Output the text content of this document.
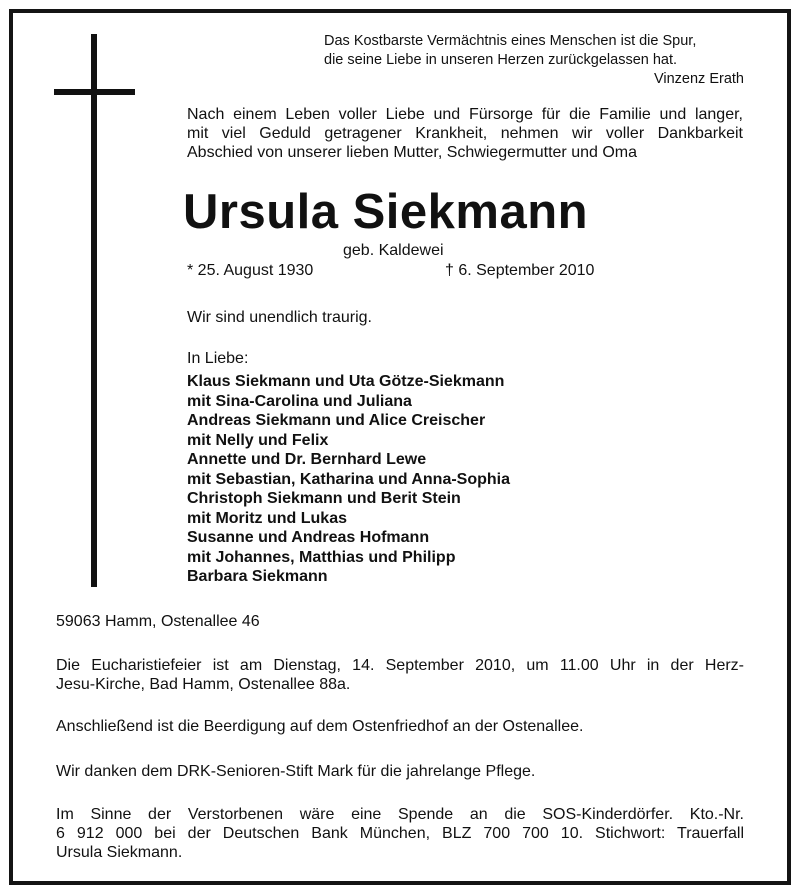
Das Kostbarste Vermächtnis eines Menschen ist die Spur,
die seine Liebe in unseren Herzen zurückgelassen hat.
Vinzenz Erath
Nach einem Leben voller Liebe und Fürsorge für die Familie und langer,
mit viel Geduld getragener Krankheit, nehmen wir voller Dankbarkeit
Abschied von unserer lieben Mutter, Schwiegermutter und Oma
Ursula Siekmann
geb. Kaldewei
* 25. August 1930	† 6. September 2010
Wir sind unendlich traurig.
In Liebe:
Klaus Siekmann und Uta Götze-Siekmann
mit Sina-Carolina und Juliana
Andreas Siekmann und Alice Creischer
mit Nelly und Felix
Annette und Dr. Bernhard Lewe
mit Sebastian, Katharina und Anna-Sophia
Christoph Siekmann und Berit Stein
mit Moritz und Lukas
Susanne und Andreas Hofmann
mit Johannes, Matthias und Philipp
Barbara Siekmann
59063 Hamm, Ostenallee 46
Die Eucharistiefeier ist am Dienstag, 14. September 2010, um 11.00 Uhr in der Herz-
Jesu-Kirche, Bad Hamm, Ostenallee 88a.
Anschließend ist die Beerdigung auf dem Ostenfriedhof an der Ostenallee.
Wir danken dem DRK-Senioren-Stift Mark für die jahrelange Pflege.
Im Sinne der Verstorbenen wäre eine Spende an die SOS-Kinderdörfer. Kto.-Nr.
6 912 000 bei der Deutschen Bank München, BLZ 700 700 10. Stichwort: Trauerfall
Ursula Siekmann.
